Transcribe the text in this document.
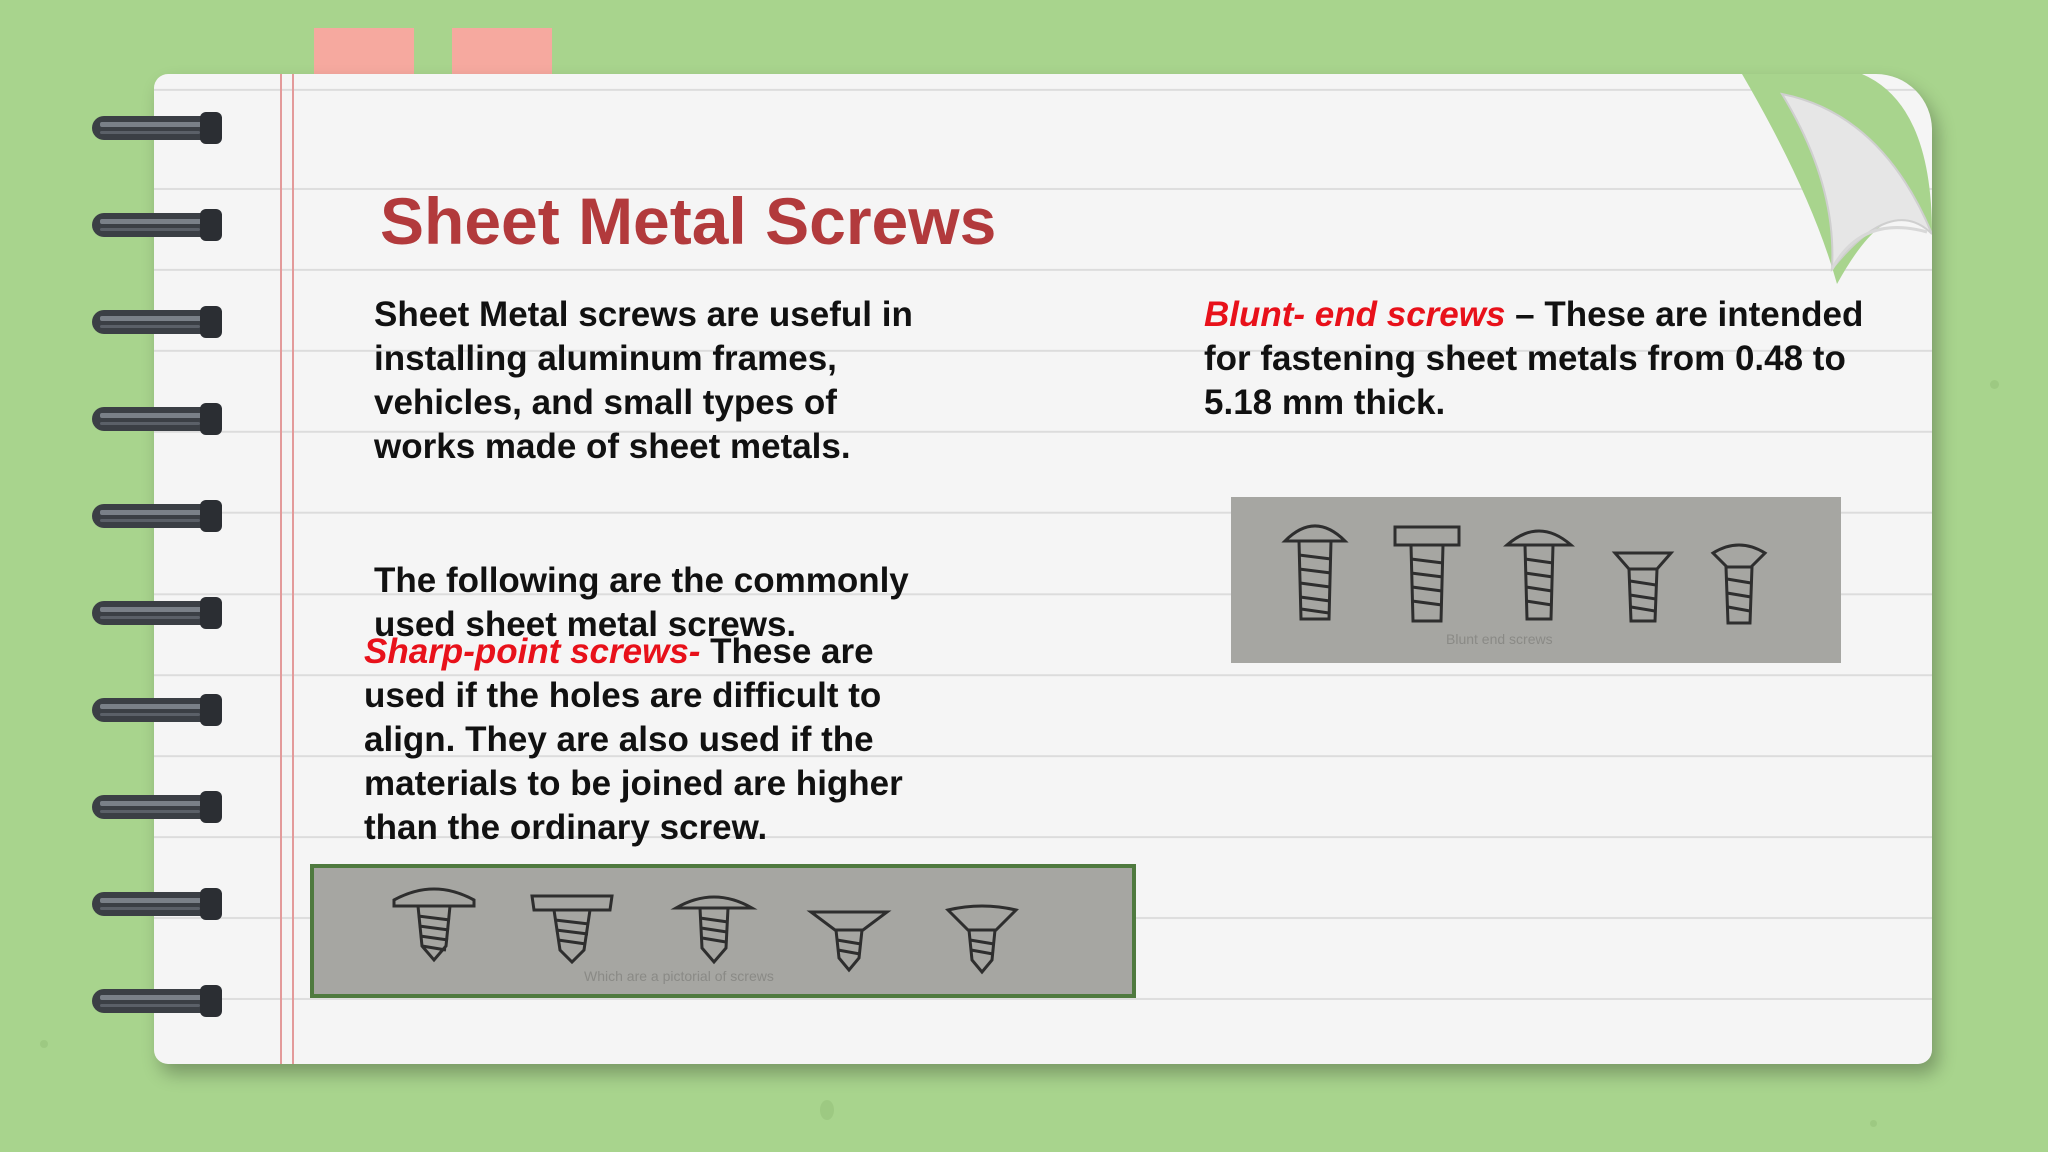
Sheet Metal Screws
Sheet Metal screws are useful in installing aluminum frames, vehicles, and small types of works made of sheet metals.
The following are the commonly used sheet metal screws.
Sharp-point screws- These are used if the holes are difficult to align. They are also used if the materials to be joined are higher than the ordinary screw.
Which are a pictorial of screws
Blunt- end screws – These are intended for fastening sheet metals from 0.48 to 5.18 mm thick.
Blunt end screws
